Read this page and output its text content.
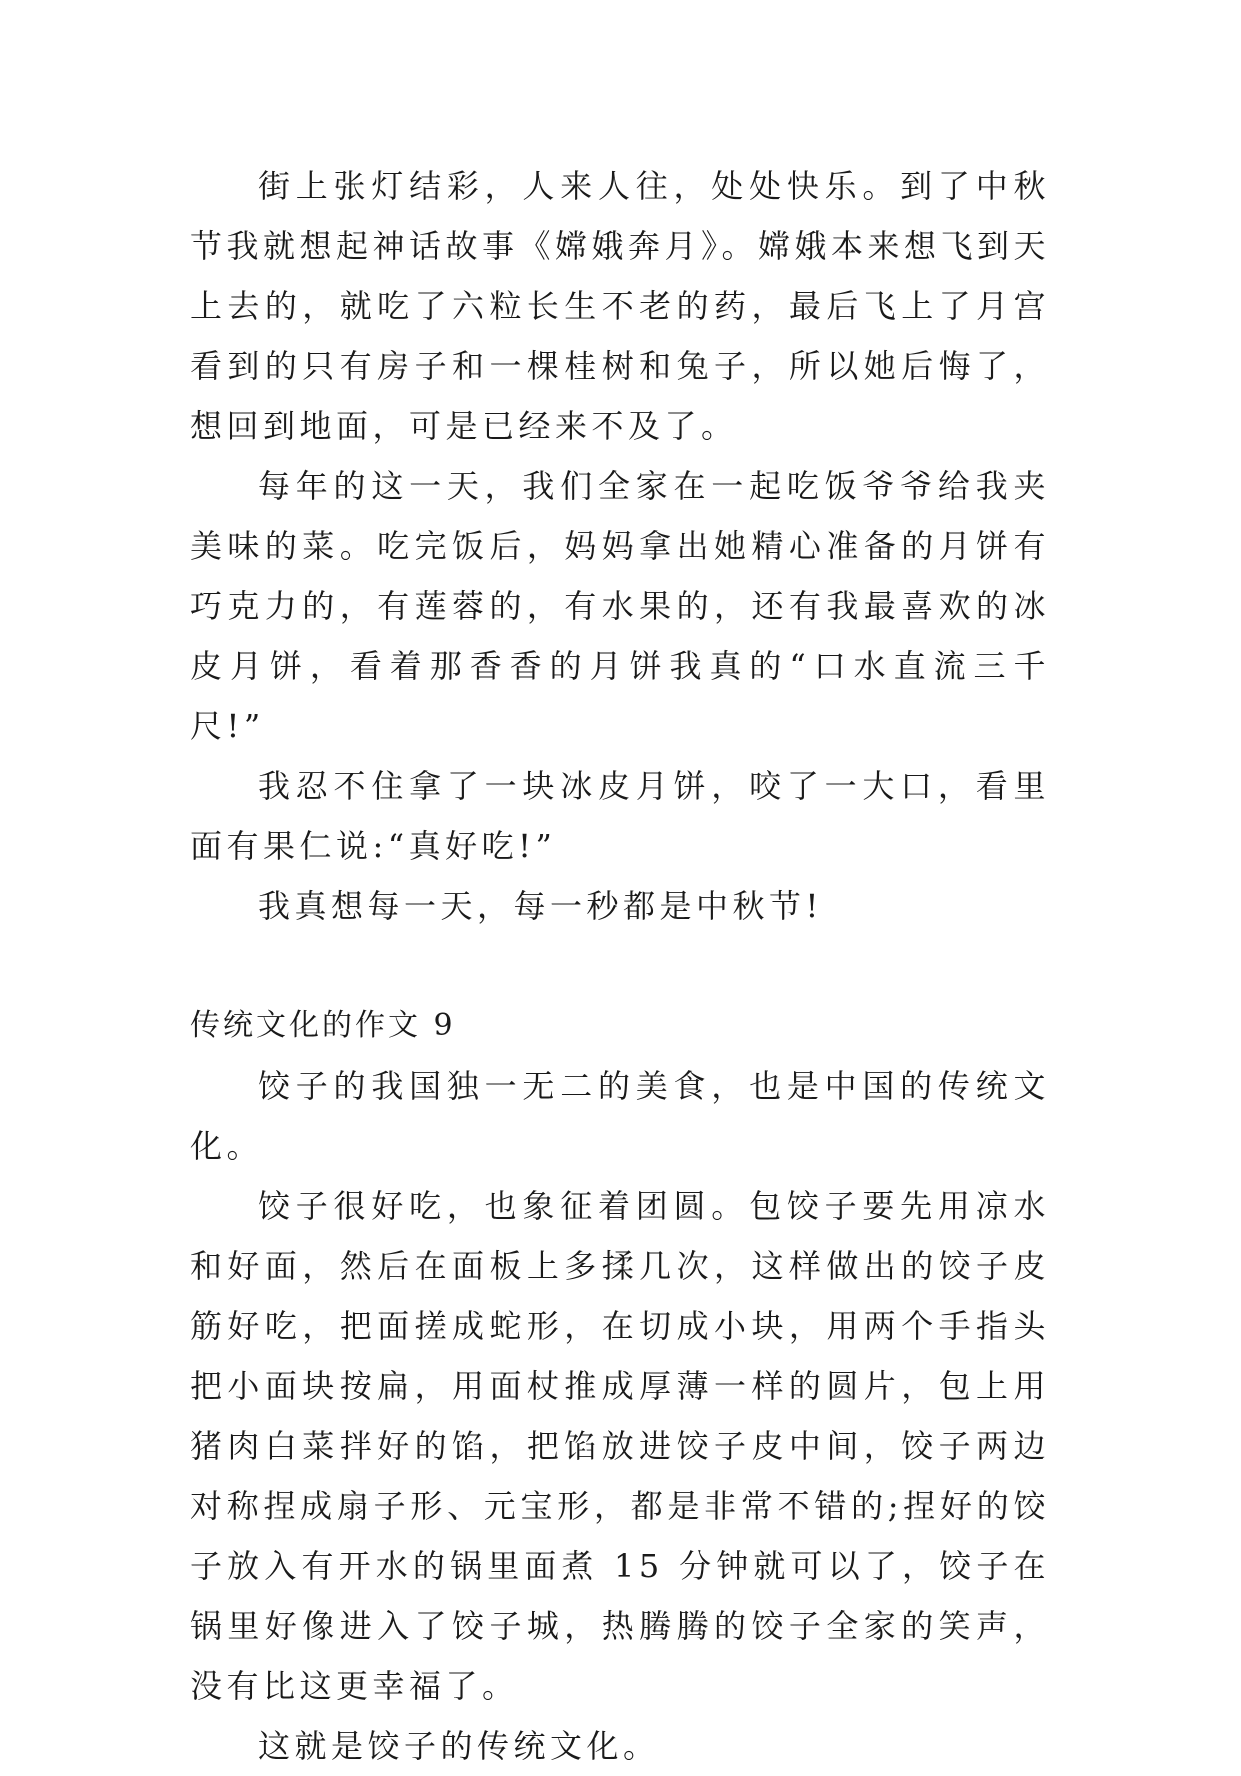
街上张灯结彩，人来人往，处处快乐。到了中秋节我就想起神话故事《嫦娥奔月》。嫦娥本来想飞到天上去的，就吃了六粒长生不老的药，最后飞上了月宫看到的只有房子和一棵桂树和兔子，所以她后悔了，想回到地面，可是已经来不及了。

每年的这一天，我们全家在一起吃饭爷爷给我夹美味的菜。吃完饭后，妈妈拿出她精心准备的月饼有巧克力的，有莲蓉的，有水果的，还有我最喜欢的冰皮月饼，看着那香香的月饼我真的“口水直流三千尺!”

我忍不住拿了一块冰皮月饼，咬了一大口，看里面有果仁说:“真好吃!”

我真想每一天，每一秒都是中秋节!

传统文化的作文 9

饺子的我国独一无二的美食，也是中国的传统文化。

饺子很好吃，也象征着团圆。包饺子要先用凉水和好面，然后在面板上多揉几次，这样做出的饺子皮筋好吃，把面搓成蛇形，在切成小块，用两个手指头把小面块按扁，用面杖推成厚薄一样的圆片，包上用猪肉白菜拌好的馅，把馅放进饺子皮中间，饺子两边对称捏成扇子形、元宝形，都是非常不错的;捏好的饺子放入有开水的锅里面煮 15 分钟就可以了，饺子在锅里好像进入了饺子城，热腾腾的饺子全家的笑声，没有比这更幸福了。

这就是饺子的传统文化。
